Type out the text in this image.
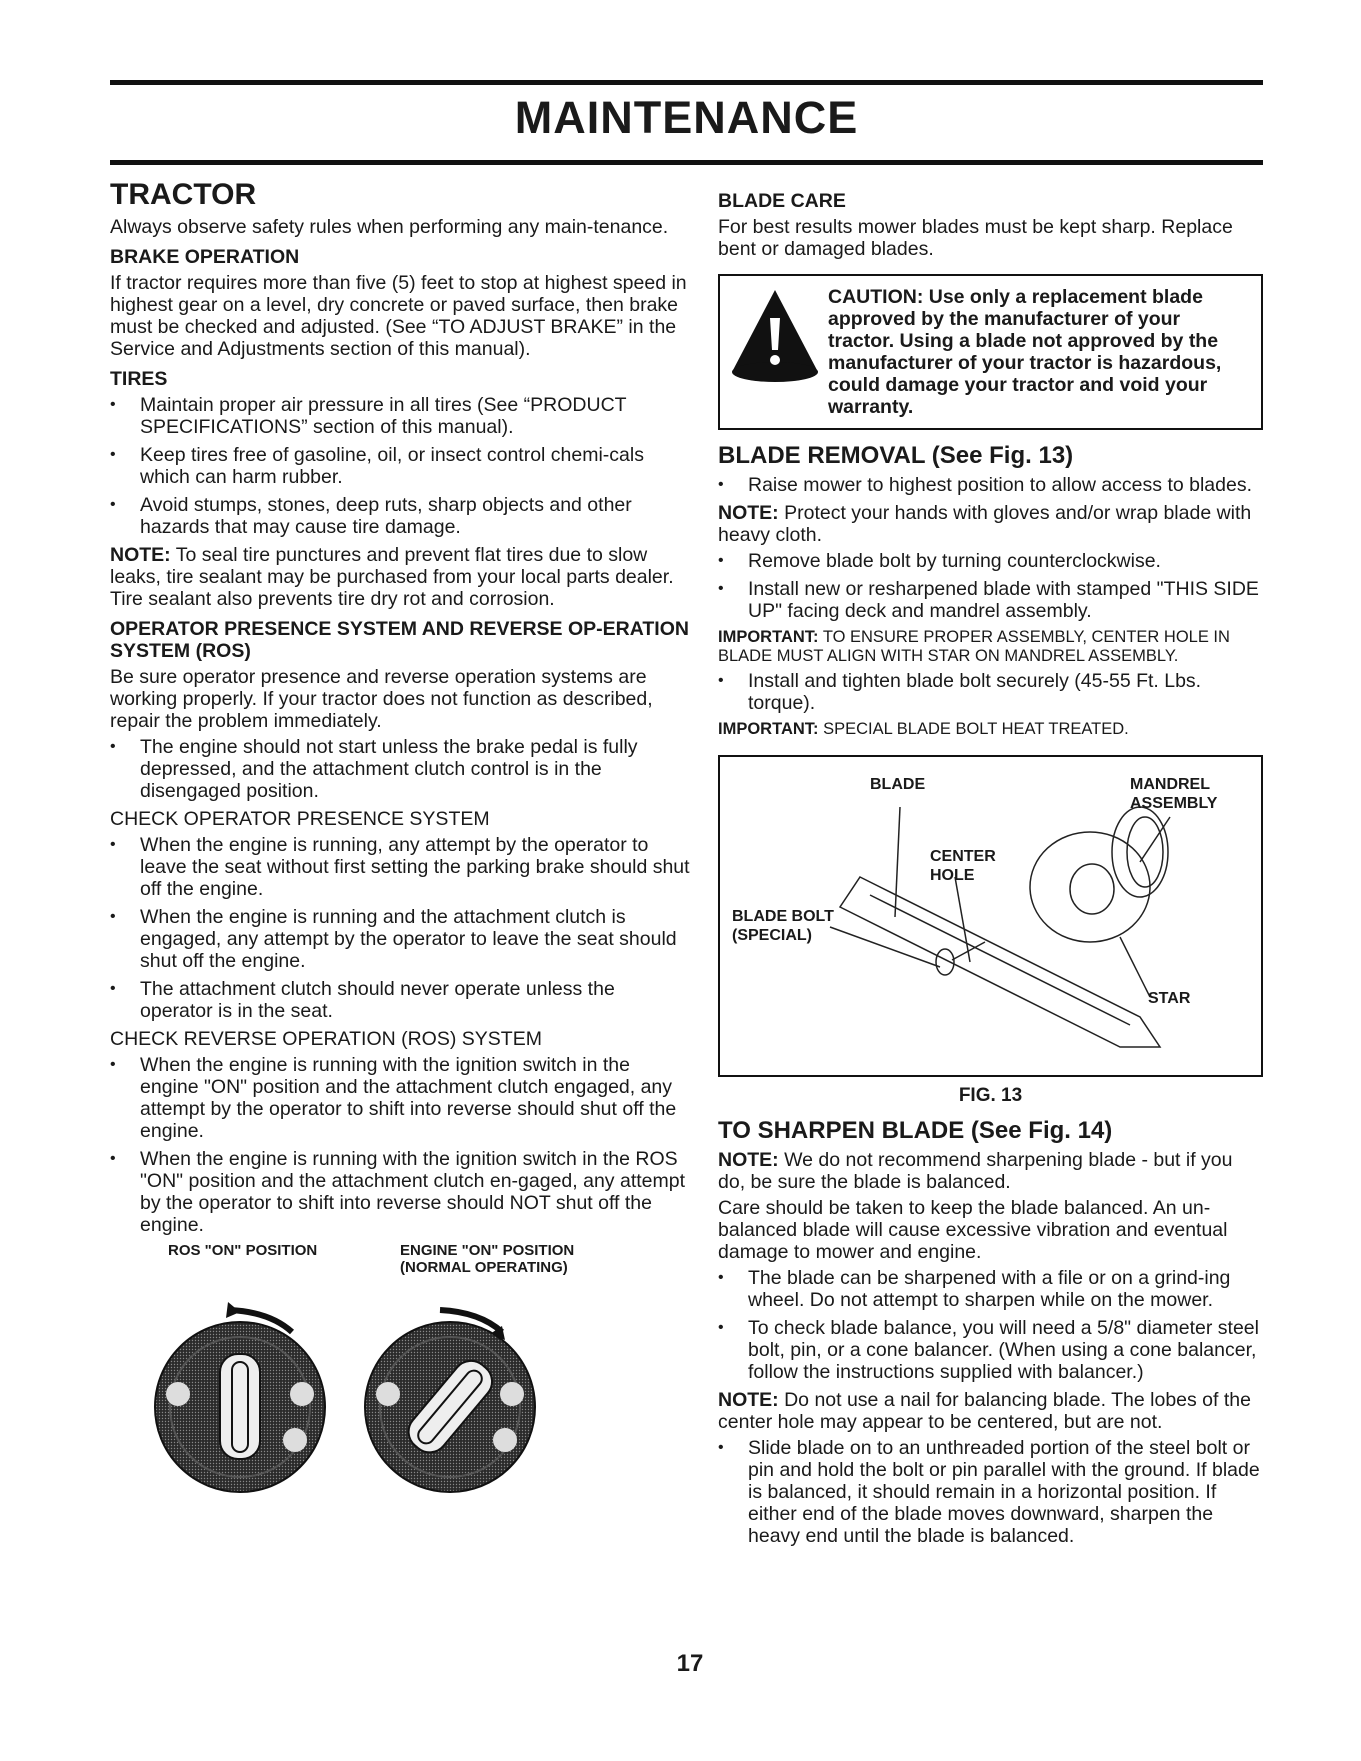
MAINTENANCE
TRACTOR

Always observe safety rules when performing any main-tenance.

BRAKE OPERATION

If tractor requires more than five (5) feet to stop at highest speed in highest gear on a level, dry concrete or paved surface, then brake must be checked and adjusted. (See “TO ADJUST BRAKE” in the Service and Adjustments section of this manual).

TIRES
• Maintain proper air pressure in all tires (See “PRODUCT SPECIFICATIONS” section of this manual).
• Keep tires free of gasoline, oil, or insect control chemi-cals which can harm rubber.
• Avoid stumps, stones, deep ruts, sharp objects and other hazards that may cause tire damage.

NOTE: To seal tire punctures and prevent flat tires due to slow leaks, tire sealant may be purchased from your local parts dealer. Tire sealant also prevents tire dry rot and corrosion.

OPERATOR PRESENCE SYSTEM AND REVERSE OP-ERATION SYSTEM (ROS)

Be sure operator presence and reverse operation systems are working properly. If your tractor does not function as described, repair the problem immediately.

• The engine should not start unless the brake pedal is fully depressed, and the attachment clutch control is in the disengaged position.

CHECK OPERATOR PRESENCE SYSTEM

• When the engine is running, any attempt by the operator to leave the seat without first setting the parking brake should shut off the engine.
• When the engine is running and the attachment clutch is engaged, any attempt by the operator to leave the seat should shut off the engine.
• The attachment clutch should never operate unless the operator is in the seat.

CHECK REVERSE OPERATION (ROS) SYSTEM

• When the engine is running with the ignition switch in the engine "ON" position and the attachment clutch engaged, any attempt by the operator to shift into reverse should shut off the engine.
• When the engine is running with the ignition switch in the ROS "ON" position and the attachment clutch en-gaged, any attempt by the operator to shift into reverse should NOT shut off the engine.
ROS "ON" POSITION	ENGINE "ON" POSITION (NORMAL OPERATING)
BLADE CARE

For best results mower blades must be kept sharp. Replace bent or damaged blades.

CAUTION: Use only a replacement blade approved by the manufacturer of your tractor. Using a blade not approved by the manufacturer of your tractor is hazardous, could damage your tractor and void your warranty.
BLADE REMOVAL (See Fig. 13)
• Raise mower to highest position to allow access to blades.

NOTE: Protect your hands with gloves and/or wrap blade with heavy cloth.

• Remove blade bolt by turning counterclockwise.
• Install new or resharpened blade with stamped "THIS SIDE UP" facing deck and mandrel assembly.

IMPORTANT: TO ENSURE PROPER ASSEMBLY, CENTER HOLE IN BLADE MUST ALIGN WITH STAR ON MANDREL ASSEMBLY.

• Install and tighten blade bolt securely (45-55 Ft. Lbs. torque).

IMPORTANT: SPECIAL BLADE BOLT HEAT TREATED.

BLADE	MANDREL ASSEMBLY
CENTER HOLE
BLADE BOLT (SPECIAL)
STAR
FIG. 13
TO SHARPEN BLADE (See Fig. 14)

NOTE: We do not recommend sharpening blade - but if you do, be sure the blade is balanced.

Care should be taken to keep the blade balanced. An un-balanced blade will cause excessive vibration and eventual damage to mower and engine.

• The blade can be sharpened with a file or on a grind-ing wheel. Do not attempt to sharpen while on the mower.
• To check blade balance, you will need a 5/8" diameter steel bolt, pin, or a cone balancer. (When using a cone balancer, follow the instructions supplied with balancer.)

NOTE: Do not use a nail for balancing blade. The lobes of the center hole may appear to be centered, but are not.

• Slide blade on to an unthreaded portion of the steel bolt or pin and hold the bolt or pin parallel with the ground. If blade is balanced, it should remain in a horizontal position. If either end of the blade moves downward, sharpen the heavy end until the blade is balanced.
17
